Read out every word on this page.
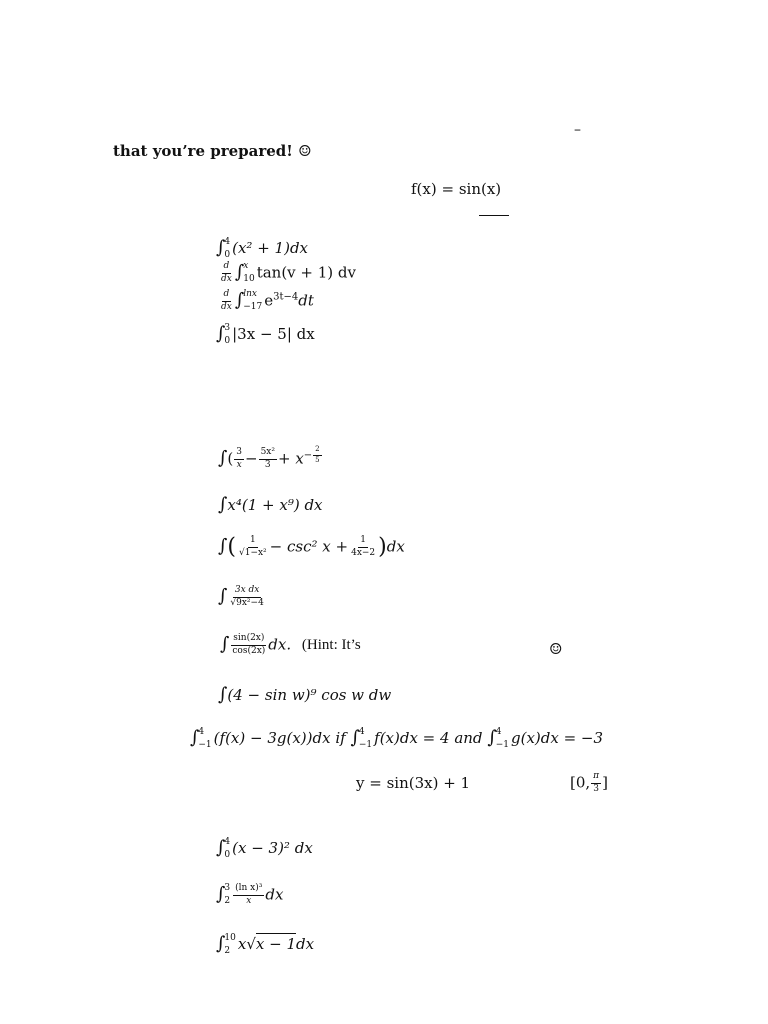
–
that you’re prepared! ☺
f(x) = sin(x)
∫ 4
0 (x² + 1)dx
$\frac{d}{dx}$ ∫ x
10 tan(v + 1) dv
$\frac{d}{dx}$ ∫ lnx
−17 $e^{3t-4}dt$
∫ 3
0 |3x − 5| dx
∫( $\frac{3}{x} - \frac{\text{5x²}}{3} + x^{- \frac{2}{5}}$
∫x⁴(1 + x⁹) dx
∫( $\frac{1}{\text{√1−x²}} - \csc^2$ $x + \frac{1}{4x-2} )dx$
∫ $\frac{\text{3x dx}}{\text{√9x²−4}}$
∫ $\frac{\sin(2x)}{\cos(2x)}$ dx. (Hint: It’s	☺
∫(4 − sin w)⁹ cos w dw
∫ 4
−1 (f(x) − 3g(x))dx if ∫ 4
−1 f(x)dx = 4 and ∫ 4
−1 g(x)dx = −3
y = sin(3x) + 1	[0, $\frac{\pi}{3}$ ]
∫ 4
0 (x − 3)² dx
∫ 3
$2 \frac{\text{(ln x)³}}{x}$ dx
∫ 10
2 x√x − 1dx
